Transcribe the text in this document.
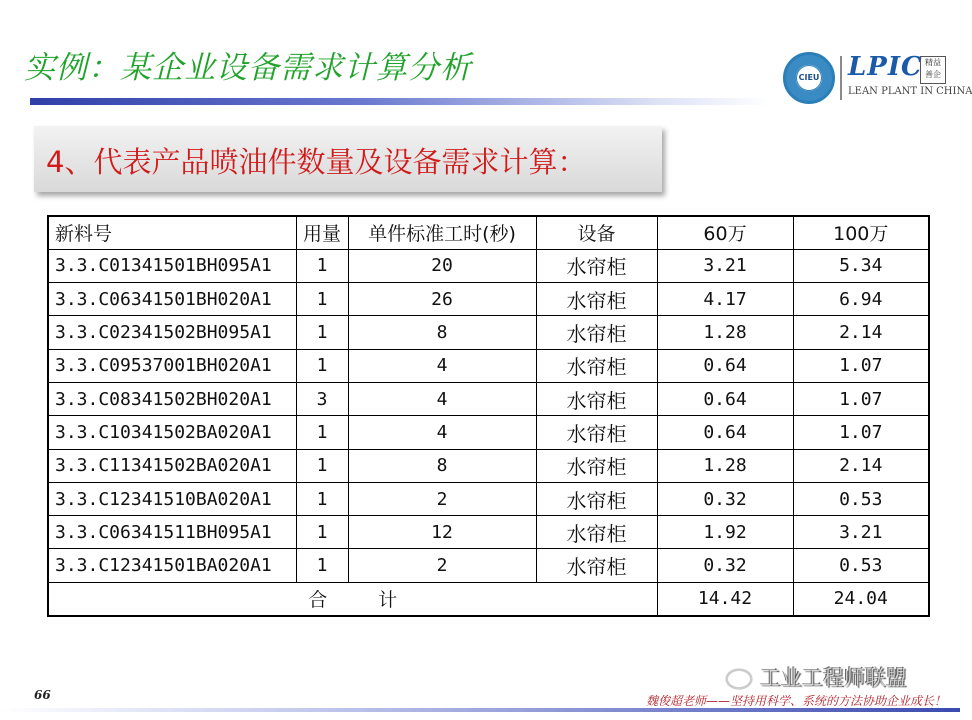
实例：某企业设备需求计算分析	CIEU LPIC 精益 善企
LEAN PLANT IN CHINA
4、代表产品喷油件数量及设备需求计算：
新料号	用量	单件标准工时(秒)	设备	60万	100万
3.3.C01341501BH095A1	1	20	水帘柜	3.21	5.34
3.3.C06341501BH020A1	1	26	水帘柜	4.17	6.94
3.3.C02341502BH095A1	1	8	水帘柜	1.28	2.14
3.3.C09537001BH020A1	1	4	水帘柜	0.64	1.07
3.3.C08341502BH020A1	3	4	水帘柜	0.64	1.07
3.3.C10341502BA020A1	1	4	水帘柜	0.64	1.07
3.3.C11341502BA020A1	1	8	水帘柜	1.28	2.14
3.3.C12341510BA020A1	1	2	水帘柜	0.32	0.53
3.3.C06341511BH095A1	1	12	水帘柜	1.92	3.21
3.3.C12341501BA020A1	1	2	水帘柜	0.32	0.53
合 计				14.42	24.04
工业工程师联盟
66	魏俊超老师——坚持用科学、系统的方法协助企业成长！
